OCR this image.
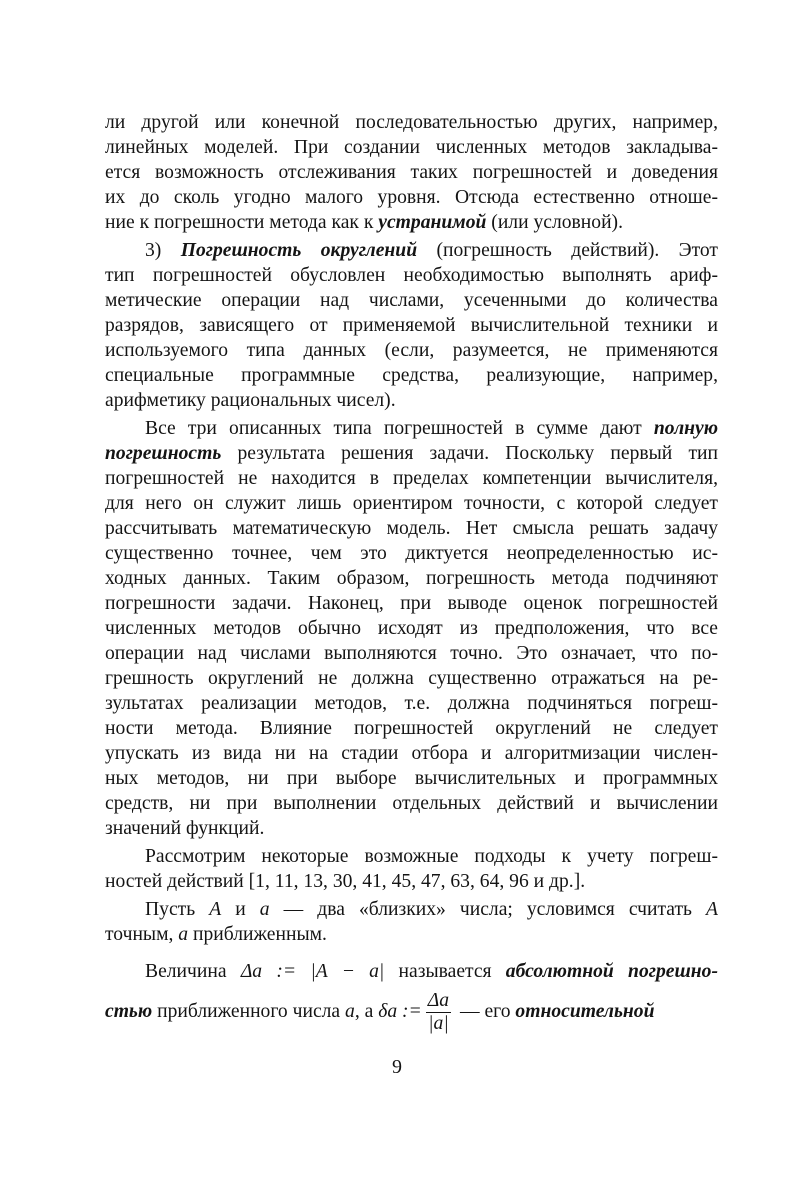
ли другой или конечной последовательностью других, например,
линейных моделей. При создании численных методов закладыва-
ется возможность отслеживания таких погрешностей и доведения
их до сколь угодно малого уровня. Отсюда естественно отноше-
ние к погрешности метода как к устранимой (или условной).
3) Погрешность округлений (погрешность действий). Этот
тип погрешностей обусловлен необходимостью выполнять ариф-
метические операции над числами, усеченными до количества
разрядов, зависящего от применяемой вычислительной техники и
используемого типа данных (если, разумеется, не применяются
специальные программные средства, реализующие, например,
арифметику рациональных чисел).
Все три описанных типа погрешностей в сумме дают полную
погрешность результата решения задачи. Поскольку первый тип
погрешностей не находится в пределах компетенции вычислителя,
для него он служит лишь ориентиром точности, с которой следует
рассчитывать математическую модель. Нет смысла решать задачу
существенно точнее, чем это диктуется неопределенностью ис-
ходных данных. Таким образом, погрешность метода подчиняют
погрешности задачи. Наконец, при выводе оценок погрешностей
численных методов обычно исходят из предположения, что все
операции над числами выполняются точно. Это означает, что по-
грешность округлений не должна существенно отражаться на ре-
зультатах реализации методов, т.е. должна подчиняться погреш-
ности метода. Влияние погрешностей округлений не следует
упускать из вида ни на стадии отбора и алгоритмизации числен-
ных методов, ни при выборе вычислительных и программных
средств, ни при выполнении отдельных действий и вычислении
значений функций.
Рассмотрим некоторые возможные подходы к учету погреш-
ностей действий [1, 11, 13, 30, 41, 45, 47, 63, 64, 96 и др.].
Пусть A и a — два «близких» числа; условимся считать A
точным, a приближенным.
Величина Δa := |A − a| называется абсолютной погрешно-
стью приближенного числа a, а δa := $\frac{\Delta a}{|a|}$ — его относительной
9
